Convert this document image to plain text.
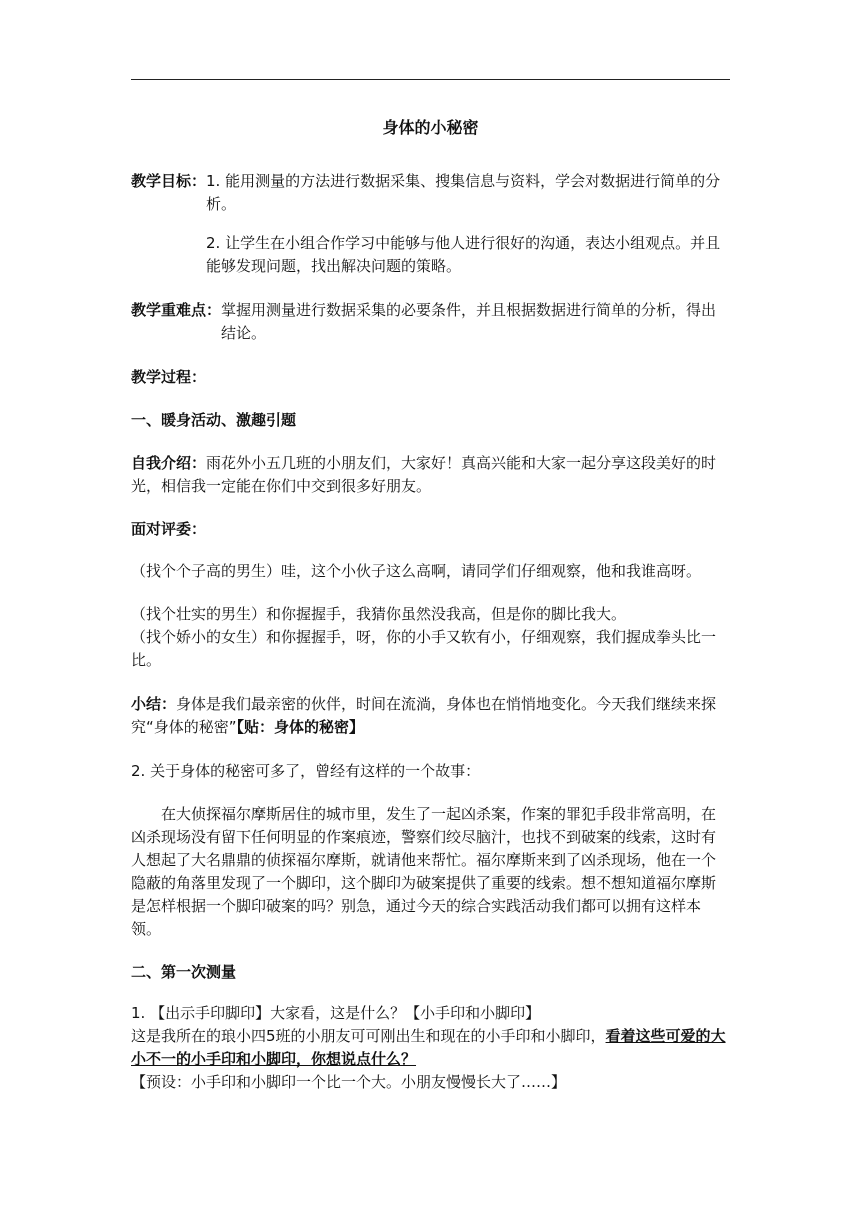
身体的小秘密
教学目标： 1. 能用测量的方法进行数据采集、搜集信息与资料，学会对数据进行简单的分析。
2. 让学生在小组合作学习中能够与他人进行很好的沟通，表达小组观点。并且能够发现问题，找出解决问题的策略。
教学重难点： 掌握用测量进行数据采集的必要条件，并且根据数据进行简单的分析，得出结论。
教学过程：
一、暖身活动、激趣引题

自我介绍：雨花外小五几班的小朋友们，大家好！真高兴能和大家一起分享这段美好的时光，相信我一定能在你们中交到很多好朋友。

面对评委：

（找个个子高的男生）哇，这个小伙子这么高啊，请同学们仔细观察，他和我谁高呀。

（找个壮实的男生）和你握握手，我猜你虽然没我高，但是你的脚比我大。

（找个娇小的女生）和你握握手，呀，你的小手又软有小，仔细观察，我们握成拳头比一比。

小结：身体是我们最亲密的伙伴，时间在流淌，身体也在悄悄地变化。今天我们继续来探究“身体的秘密”【贴：身体的秘密】

2. 关于身体的秘密可多了，曾经有这样的一个故事：

在大侦探福尔摩斯居住的城市里，发生了一起凶杀案，作案的罪犯手段非常高明，在凶杀现场没有留下任何明显的作案痕迹，警察们绞尽脑汁，也找不到破案的线索，这时有人想起了大名鼎鼎的侦探福尔摩斯，就请他来帮忙。福尔摩斯来到了凶杀现场，他在一个隐蔽的角落里发现了一个脚印，这个脚印为破案提供了重要的线索。想不想知道福尔摩斯是怎样根据一个脚印破案的吗？别急，通过今天的综合实践活动我们都可以拥有这样本领。

二、第一次测量

1. 【出示手印脚印】大家看，这是什么？【小手印和小脚印】

这是我所在的琅小四5班的小朋友可可刚出生和现在的小手印和小脚印，看着这些可爱的大小不一的小手印和小脚印，你想说点什么？

【预设：小手印和小脚印一个比一个大。小朋友慢慢长大了……】
